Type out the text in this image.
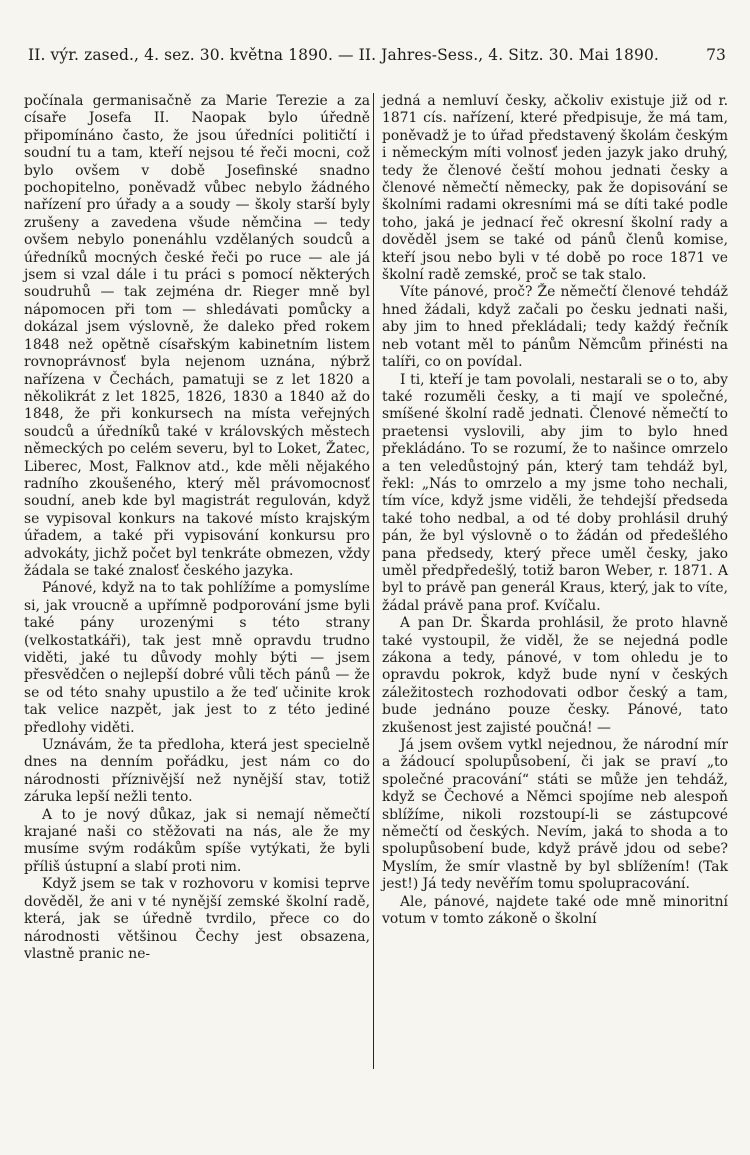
II. výr. zased., 4. sez. 30. května 1890. — II. Jahres-Sess., 4. Sitz. 30. Mai 1890.	73

počínala germanisačně za Marie Terezie a za císaře Josefa II. Naopak bylo úředně připomínáno často, že jsou úředníci političtí i soudní tu a tam, kteří nejsou té řeči mocni, což bylo ovšem v době Josefinské snadno pochopitelno, poněvadž vůbec nebylo žádného nařízení pro úřady a a soudy — školy starší byly zrušeny a zavedena všude němčina — tedy ovšem nebylo ponenáhlu vzdělaných soudců a úředníků mocných české řeči po ruce — ale já jsem si vzal dále i tu práci s pomocí některých soudruhů — tak zejména dr. Rieger mně byl nápomocen při tom — shledávati pomůcky a dokázal jsem výslovně, že daleko před rokem 1848 než opětně císařským kabinetním listem rovnoprávnosť byla nejenom uznána, nýbrž nařízena v Čechách, pamatuji se z let 1820 a několikrát z let 1825, 1826, 1830 a 1840 až do 1848, že při konkursech na místa veřejných soudců a úředníků také v královských městech německých po celém severu, byl to Loket, Žatec, Liberec, Most, Falknov atd., kde měli nějakého radního zkoušeného, který měl právomocnosť soudní, aneb kde byl magistrát regulován, když se vypisoval konkurs na takové místo krajským úřadem, a také při vypisování konkursu pro advokáty, jichž počet byl tenkráte obmezen, vždy žádala se také znalosť českého jazyka.

Pánové, když na to tak pohlížíme a pomyslíme si, jak vroucně a upřímně podporování jsme byli také pány urozenými s této strany (velkostatkáři), tak jest mně opravdu trudno viděti, jaké tu důvody mohly býti — jsem přesvědčen o nejlepší dobré vůli těch pánů — že se od této snahy upustilo a že teď učinite krok tak velice nazpět, jak jest to z této jediné předlohy viděti.

Uznávám, že ta předloha, která jest specielně dnes na denním pořádku, jest nám co do národnosti příznivější než nynější stav, totiž záruka lepší nežli tento.

A to je nový důkaz, jak si nemají němečtí krajané naši co stěžovati na nás, ale že my musíme svým rodákům spíše vytýkati, že byli příliš ústupní a slabí proti nim.

Když jsem se tak v rozhovoru v komisi teprve dověděl, že ani v té nynější zemské školní radě, která, jak se úředně tvrdilo, přece co do národnosti většinou Čechy jest obsazena, vlastně pranic ne-

jedná a nemluví česky, ačkoliv existuje již od r. 1871 cís. nařízení, které předpisuje, že má tam, poněvadž je to úřad představený školám českým i německým míti volnosť jeden jazyk jako druhý, tedy že členové čeští mohou jednati česky a členové němečtí německy, pak že dopisování se školními radami okresními má se díti také podle toho, jaká je jednací řeč okresní školní rady a dověděl jsem se také od pánů členů komise, kteří jsou nebo byli v té době po roce 1871 ve školní radě zemské, proč se tak stalo.

Víte pánové, proč? Že němečtí členové tehdáž hned žádali, když začali po česku jednati naši, aby jim to hned překládali; tedy každý řečník neb votant měl to pánům Němcům přinésti na talíři, co on povídal.

I ti, kteří je tam povolali, nestarali se o to, aby také rozuměli česky, a ti mají ve společné, smíšené školní radě jednati. Členové němečtí to praetensi vyslovili, aby jim to bylo hned překládáno. To se rozumí, že to našince omrzelo a ten veledůstojný pán, který tam tehdáž byl, řekl: „Nás to omrzelo a my jsme toho nechali, tím více, když jsme viděli, že tehdejší předseda také toho nedbal, a od té doby prohlásil druhý pán, že byl výslovně o to žádán od předešlého pana předsedy, který přece uměl česky, jako uměl předpředešlý, totiž baron Weber, r. 1871. A byl to právě pan generál Kraus, který, jak to víte, žádal právě pana prof. Kvíčalu.

A pan Dr. Škarda prohlásil, že proto hlavně také vystoupil, že viděl, že se nejedná podle zákona a tedy, pánové, v tom ohledu je to opravdu pokrok, když bude nyní v českých záležitostech rozhodovati odbor český a tam, bude jednáno pouze česky. Pánové, tato zkušenost jest zajisté poučná! —

Já jsem ovšem vytkl nejednou, že národní mír a žádoucí spolupůsobení, či jak se praví „to společné pracování“ státi se může jen tehdáž, když se Čechové a Němci spojíme neb alespoň sblížíme, nikoli rozstoupí-li se zástupcové němečtí od českých. Nevím, jaká to shoda a to spolupůsobení bude, když právě jdou od sebe? Myslím, že smír vlastně by byl sblížením! (Tak jest!) Já tedy nevěřím tomu spolupracování.

Ale, pánové, najdete také ode mně minoritní votum v tomto zákoně o školní
